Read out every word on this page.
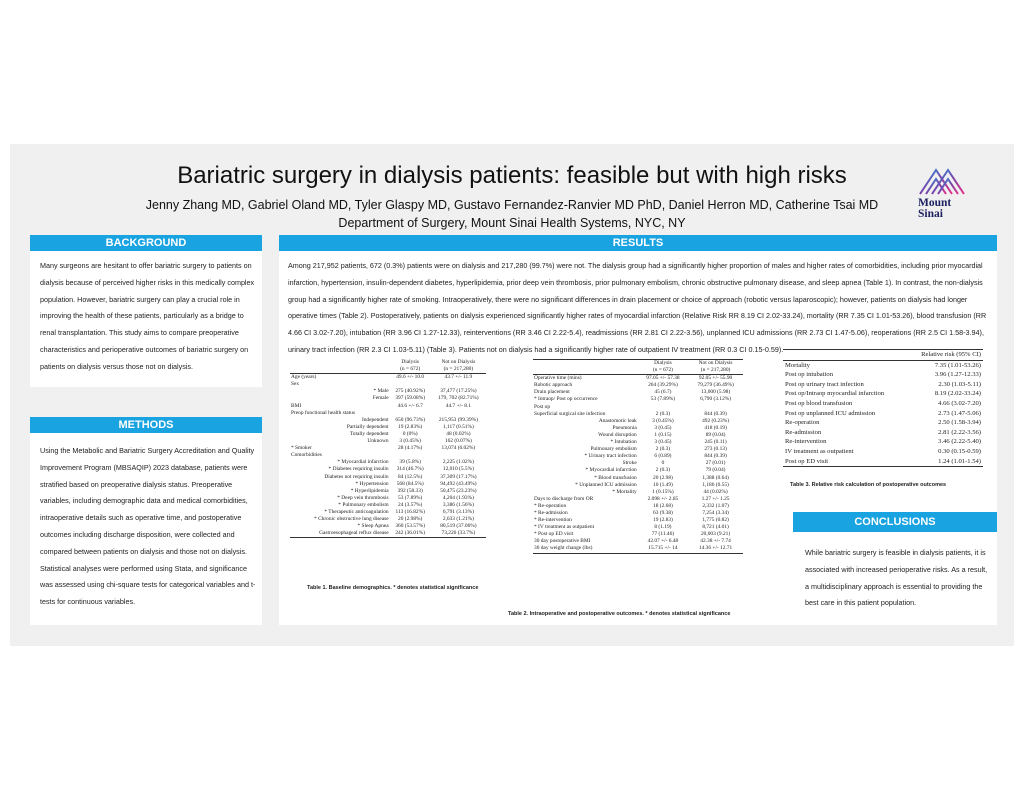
Bariatric surgery in dialysis patients: feasible but with high risks
Jenny Zhang MD, Gabriel Oland MD, Tyler Glaspy MD, Gustavo Fernandez-Ranvier MD PhD, Daniel Herron MD, Catherine Tsai MD
Department of Surgery, Mount Sinai Health Systems, NYC, NY
Mount
Sinai
BACKGROUND
Many surgeons are hesitant to offer bariatric surgery to patients on dialysis because of perceived higher risks in this medically complex population. However, bariatric surgery can play a crucial role in improving the health of these patients, particularly as a bridge to renal transplantation. This study aims to compare preoperative characteristics and perioperative outcomes of bariatric surgery on patients on dialysis versus those not on dialysis.
METHODS
Using the Metabolic and Bariatric Surgery Accreditation and Quality Improvement Program (MBSAQIP) 2023 database, patients were stratified based on preoperative dialysis status. Preoperative variables, including demographic data and medical comorbidities, intraoperative details such as operative time, and postoperative outcomes including discharge disposition, were collected and compared between patients on dialysis and those not on dialysis. Statistical analyses were performed using Stata, and significance was assessed using chi-square tests for categorical variables and t-tests for continuous variables.
RESULTS
Among 217,952 patients, 672 (0.3%) patients were on dialysis and 217,280 (99.7%) were not. The dialysis group had a significantly higher proportion of males and higher rates of comorbidities, including prior myocardial infarction, hypertension, insulin-dependent diabetes, hyperlipidemia, prior deep vein thrombosis, prior pulmonary embolism, chronic obstructive pulmonary disease, and sleep apnea (Table 1). In contrast, the non-dialysis group had a significantly higher rate of smoking. Intraoperatively, there were no significant differences in drain placement or choice of approach (robotic versus laparoscopic); however, patients on dialysis had longer operative times (Table 2). Postoperatively, patients on dialysis experienced significantly higher rates of myocardial infarction (Relative Risk RR 8.19 CI 2.02-33.24), mortality (RR 7.35 CI 1.01-53.26), blood transfusion (RR 4.66 CI 3.02-7.20), intubation (RR 3.96 CI 1.27-12.33), reinterventions (RR 3.46 CI 2.22-5.4), readmissions (RR 2.81 CI 2.22-3.56), unplanned ICU admissions (RR 2.73 CI 1.47-5.06), reoperations (RR 2.5 CI 1.58-3.94), urinary tract infection (RR 2.3 CI 1.03-5.11) (Table 3). Patients not on dialysis had a significantly higher rate of outpatient IV treatment (RR 0.3 CI 0.15-0.59).
	Dialysis
(n = 672)	Not on Dialysis
(n = 217,280)
Age (years)	49.6 +/- 10.0	43.7 +/- 11.9
Sex		
* Male	275 (40.92%)	37,477 (17.25%)
Female	397 (59.08%)	179, 702 (82.71%)
BMI	44.6 +/- 6.7	44.7 +/- 8.1
Preop functional health status		
Independent	650 (96.73%)	215,953 (99.39%)
Partially dependent	19 (2.83%)	1,117 (0.51%)
Totally dependent	0 (0%)	48 (0.02%)
Unknown	3 (0.45%)	162 (0.07%)
* Smoker	28 (4.17%)	13,074 (6.02%)
Comorbidities		
* Myocardial infarction	39 (5.8%)	2,225 (1.02%)
* Diabetes requiring insulin	314 (46.7%)	12,010 (5.5%)
Diabetes not requiring insulin	84 (12.5%)	37,309 (17.17%)
* Hypertension	568 (84.5%)	94,492 (43.49%)
* Hyperlipidemia	392 (58.33)	50,475 (23.23%)
* Deep vein thrombosis	53 (7.89%)	4,204 (1.93%)
* Pulmonary embolism	24 (3.57%)	3,386 (1.56%)
* Therapeutic anticoagulation	113 (16.82%)	6,791 (3.13%)
* Chronic obstructive lung disease	20 (2.98%)	2,633 (1.21%)
* Sleep Apnea	360 (53.57%)	80,519 (37.06%)
Gastroesophageal reflux disease	242 (36.01%)	73,226 (33.7%)
Table 1. Baseline demographics. * denotes statistical significance
	Dialysis
(n = 672)	Not on Dialysis
(n = 217,280)
Operative time (mins)	97.05 +/- 57.38	92.05 +/- 55.90
Robotic approach	264 (39.29%)	79,279 (36.49%)
Drain placement	45 (6.7)	13,000 (5.98)
* Intraop/ Post op occurrence	53 (7.89%)	6,790 (3.12%)
Post op		
Superficial surgical site infection	2 (0.3)	844 (0.39)
Anastomotic leak	3 (0.45%)	492 (0.23%)
Pneumonia	3 (0.45)	418 (0.19)
Wound disruption	1 (0.15)	89 (0.04)
* Intubation	3 (0.45)	245 (0.11)
Pulmonary embolism	2 (0.3)	273 (0.13)
* Urinary tract infection	6 (0.89)	844 (0.39)
Stroke	0	27 (0.01)
* Myocardial infarction	2 (0.3)	79 (0.04)
* Blood transfusion	20 (2.98)	1,388 (0.64)
* Unplanned ICU admission	10 (1.49)	1,186 (0.55)
* Mortality	1 (0.15%)	44 (0.02%)
Days to discharge from OR	2.098 +/- 2.85	1.27 +/- 1.25
* Re-operation	18 (2.68)	2,332 (1.07)
* Re-admission	63 (9.38)	7,254 (3.34)
* Re-intervention	19 (2.83)	1,775 (0.82)
* IV treatment as outpatient	8 (1.19)	8,721 (4.01)
* Post op ED visit	77 (11.46)	20,003 (9.21)
30 day postoperative BMI	42.07 +/- 6.48	42.38 +/- 7.74
30 day weight change (lbs)	15.715 +/- 14	14.36 +/- 12.71
Table 2. Intraoperative and postoperative outcomes. * denotes statistical significance
	Relative risk (95% CI)
Mortality	7.35 (1.01-53.26)
Post op intubation	3.96 (1.27-12.33)
Post op urinary tract infection	2.30 (1.03-5.11)
Post op/Intraop myocardial infarction	8.19 (2.02-33.24)
Post op blood transfusion	4.66 (3.02-7.20)
Post op unplanned ICU admission	2.73 (1.47-5.06)
Re-operation	2.50 (1.58-3.94)
Re-admission	2.81 (2.22-3.56)
Re-intervention	3.46 (2.22-5.40)
IV treatment as outpatient	0.30 (0.15-0.59)
Post op ED visit	1.24 (1.01-1.54)
Table 3. Relative risk calculation of postoperative outcomes
CONCLUSIONS
While bariatric surgery is feasible in dialysis patients, it is associated with increased perioperative risks. As a result, a multidisciplinary approach is essential to providing the best care in this patient population.
